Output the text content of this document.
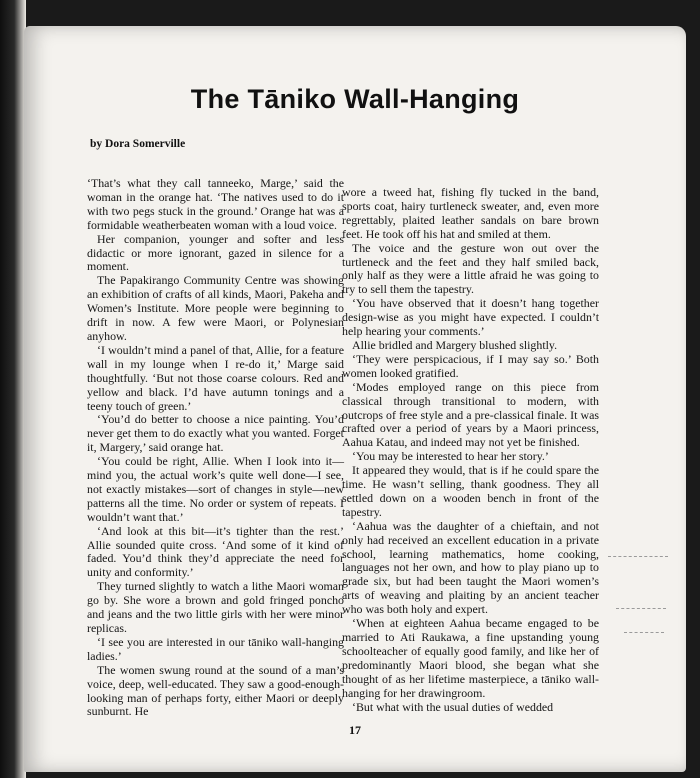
The Tāniko Wall-Hanging
by Dora Somerville

‘That’s what they call tanneeko, Marge,’ said the woman in the orange hat. ‘The natives used to do it with two pegs stuck in the ground.’ Orange hat was a formidable weatherbeaten woman with a loud voice.

Her companion, younger and softer and less didactic or more ignorant, gazed in silence for a moment.

The Papakirango Community Centre was showing an exhibition of crafts of all kinds, Maori, Pakeha and Women’s Institute. More people were beginning to drift in now. A few were Maori, or Polynesian anyhow.

‘I wouldn’t mind a panel of that, Allie, for a feature wall in my lounge when I re-do it,’ Marge said thoughtfully. ‘But not those coarse colours. Red and yellow and black. I’d have autumn tonings and a teeny touch of green.’

‘You’d do better to choose a nice painting. You’d never get them to do exactly what you wanted. Forget it, Margery,’ said orange hat.

‘You could be right, Allie. When I look into it—mind you, the actual work’s quite well done—I see, not exactly mistakes—sort of changes in style—new patterns all the time. No order or system of repeats. I wouldn’t want that.’

‘And look at this bit—it’s tighter than the rest.’ Allie sounded quite cross. ‘And some of it kind of faded. You’d think they’d appreciate the need for unity and conformity.’

They turned slightly to watch a lithe Maori woman go by. She wore a brown and gold fringed poncho and jeans and the two little girls with her were minor replicas.

‘I see you are interested in our tāniko wall-hanging ladies.’

The women swung round at the sound of a man’s voice, deep, well-educated. They saw a good-enough-looking man of perhaps forty, either Maori or deeply sunburnt. He

wore a tweed hat, fishing fly tucked in the band, sports coat, hairy turtleneck sweater, and, even more regrettably, plaited leather sandals on bare brown feet. He took off his hat and smiled at them.

The voice and the gesture won out over the turtleneck and the feet and they half smiled back, only half as they were a little afraid he was going to try to sell them the tapestry.

‘You have observed that it doesn’t hang together design-wise as you might have expected. I couldn’t help hearing your comments.’

Allie bridled and Margery blushed slightly.

‘They were perspicacious, if I may say so.’ Both women looked gratified.

‘Modes employed range on this piece from classical through transitional to modern, with outcrops of free style and a pre-classical finale. It was crafted over a period of years by a Maori princess, Aahua Katau, and indeed may not yet be finished.

‘You may be interested to hear her story.’

It appeared they would, that is if he could spare the time. He wasn’t selling, thank goodness. They all settled down on a wooden bench in front of the tapestry.

‘Aahua was the daughter of a chieftain, and not only had received an excellent education in a private school, learning mathematics, home cooking, languages not her own, and how to play piano up to grade six, but had been taught the Maori women’s arts of weaving and plaiting by an ancient teacher who was both holy and expert.

‘When at eighteen Aahua became engaged to be married to Ati Raukawa, a fine upstanding young schoolteacher of equally good family, and like her of predominantly Maori blood, she began what she thought of as her lifetime masterpiece, a tāniko wall-hanging for her drawingroom.

‘But what with the usual duties of wedded

17
